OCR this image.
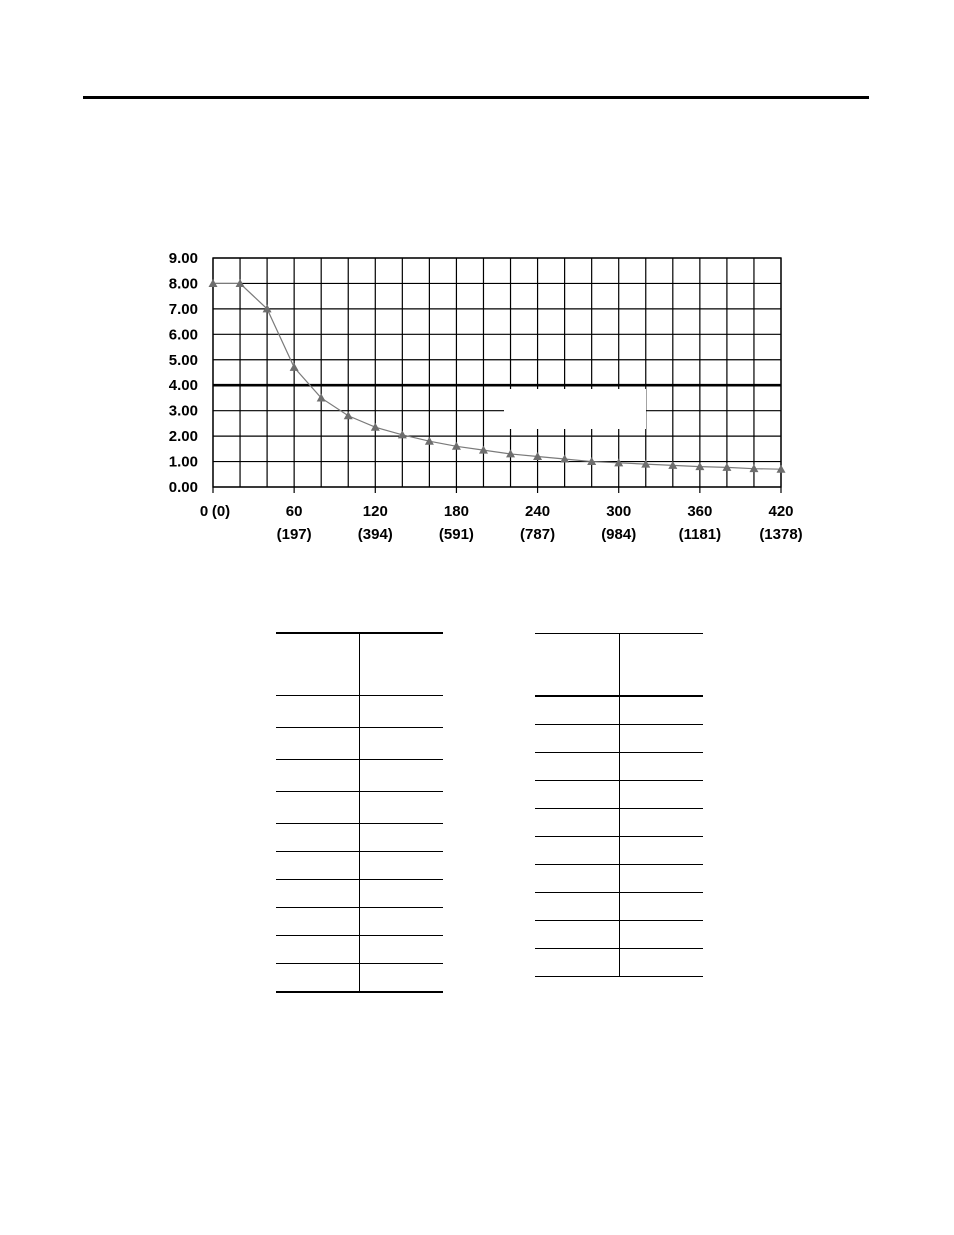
0.00
1.00
2.00
3.00
4.00
5.00
6.00
7.00
8.00
9.00
0 (0)	60
(197)
120
(394)
180
(591)
240
(787)
300
(984)
360
(1181)
420
(1378)
